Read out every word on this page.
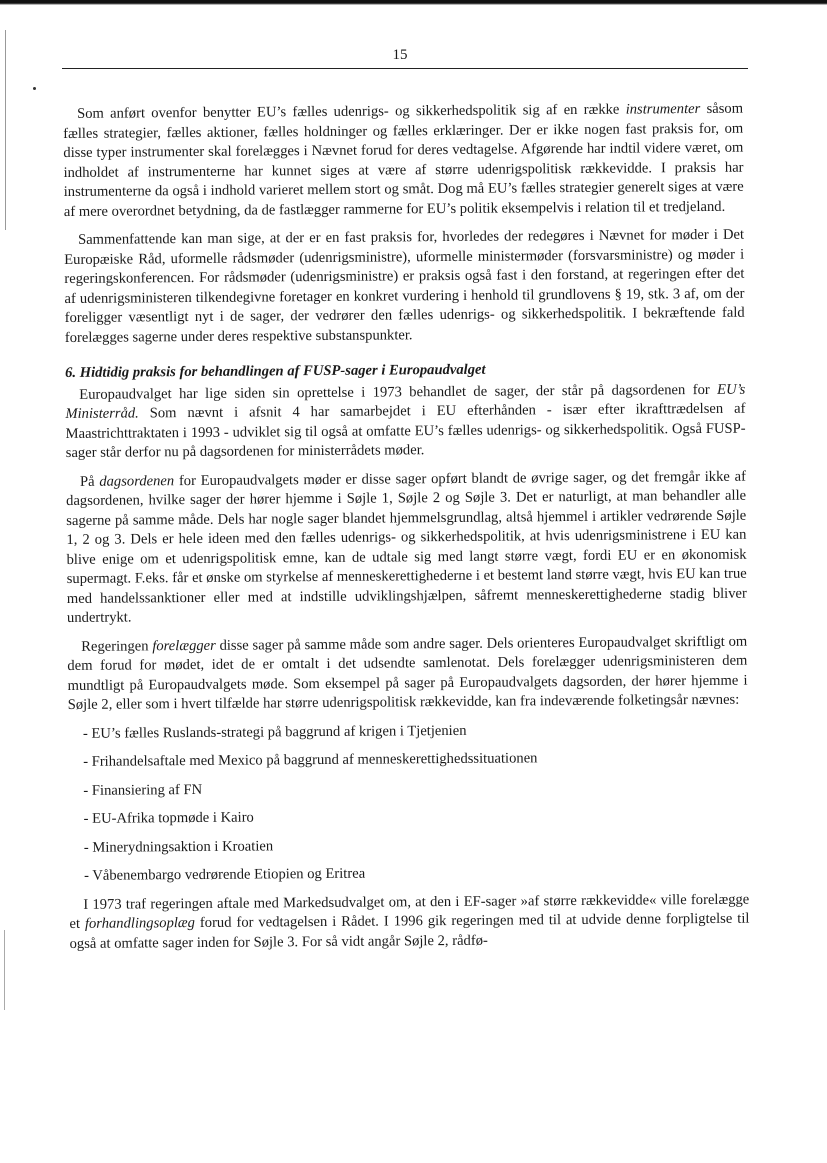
15

Som anført ovenfor benytter EU’s fælles udenrigs- og sikkerhedspolitik sig af en række instrumenter såsom fælles strategier, fælles aktioner, fælles holdninger og fælles erklæringer. Der er ikke nogen fast praksis for, om disse typer instrumenter skal forelægges i Nævnet forud for deres vedtagelse. Afgørende har indtil videre været, om indholdet af instrumenterne har kunnet siges at være af større udenrigspolitisk rækkevidde. I praksis har instrumenterne da også i indhold varieret mellem stort og småt. Dog må EU’s fælles strategier generelt siges at være af mere overordnet betydning, da de fastlægger rammerne for EU’s politik eksempelvis i relation til et tredjeland.

Sammenfattende kan man sige, at der er en fast praksis for, hvorledes der redegøres i Nævnet for møder i Det Europæiske Råd, uformelle rådsmøder (udenrigsministre), uformelle ministermøder (forsvarsministre) og møder i regeringskonferencen. For rådsmøder (udenrigsministre) er praksis også fast i den forstand, at regeringen efter det af udenrigsministeren tilkendegivne foretager en konkret vurdering i henhold til grundlovens § 19, stk. 3 af, om der foreligger væsentligt nyt i de sager, der vedrører den fælles udenrigs- og sikkerhedspolitik. I bekræftende fald forelægges sagerne under deres respektive substanspunkter.

6. Hidtidig praksis for behandlingen af FUSP-sager i Europaudvalget

Europaudvalget har lige siden sin oprettelse i 1973 behandlet de sager, der står på dagsordenen for EU’s Ministerråd. Som nævnt i afsnit 4 har samarbejdet i EU efterhånden - især efter ikrafttrædelsen af Maastrichttraktaten i 1993 - udviklet sig til også at omfatte EU’s fælles udenrigs- og sikkerhedspolitik. Også FUSP-sager står derfor nu på dagsordenen for ministerrådets møder.

På dagsordenen for Europaudvalgets møder er disse sager opført blandt de øvrige sager, og det fremgår ikke af dagsordenen, hvilke sager der hører hjemme i Søjle 1, Søjle 2 og Søjle 3. Det er naturligt, at man behandler alle sagerne på samme måde. Dels har nogle sager blandet hjemmelsgrundlag, altså hjemmel i artikler vedrørende Søjle 1, 2 og 3. Dels er hele ideen med den fælles udenrigs- og sikkerhedspolitik, at hvis udenrigsministrene i EU kan blive enige om et udenrigspolitisk emne, kan de udtale sig med langt større vægt, fordi EU er en økonomisk supermagt. F.eks. får et ønske om styrkelse af menneskerettighederne i et bestemt land større vægt, hvis EU kan true med handelssanktioner eller med at indstille udviklingshjælpen, såfremt menneskerettighederne stadig bliver undertrykt.

Regeringen forelægger disse sager på samme måde som andre sager. Dels orienteres Europaudvalget skriftligt om dem forud for mødet, idet de er omtalt i det udsendte samlenotat. Dels forelægger udenrigsministeren dem mundtligt på Europaudvalgets møde. Som eksempel på sager på Europaudvalgets dagsorden, der hører hjemme i Søjle 2, eller som i hvert tilfælde har større udenrigspolitisk rækkevidde, kan fra indeværende folketingsår nævnes:

- EU’s fælles Ruslands-strategi på baggrund af krigen i Tjetjenien
- Frihandelsaftale med Mexico på baggrund af menneskerettighedssituationen
- Finansiering af FN
- EU-Afrika topmøde i Kairo
- Minerydningsaktion i Kroatien
- Våbenembargo vedrørende Etiopien og Eritrea

I 1973 traf regeringen aftale med Markedsudvalget om, at den i EF-sager »af større rækkevidde« ville forelægge et forhandlingsoplæg forud for vedtagelsen i Rådet. I 1996 gik regeringen med til at udvide denne forpligtelse til også at omfatte sager inden for Søjle 3. For så vidt angår Søjle 2, rådfø-
